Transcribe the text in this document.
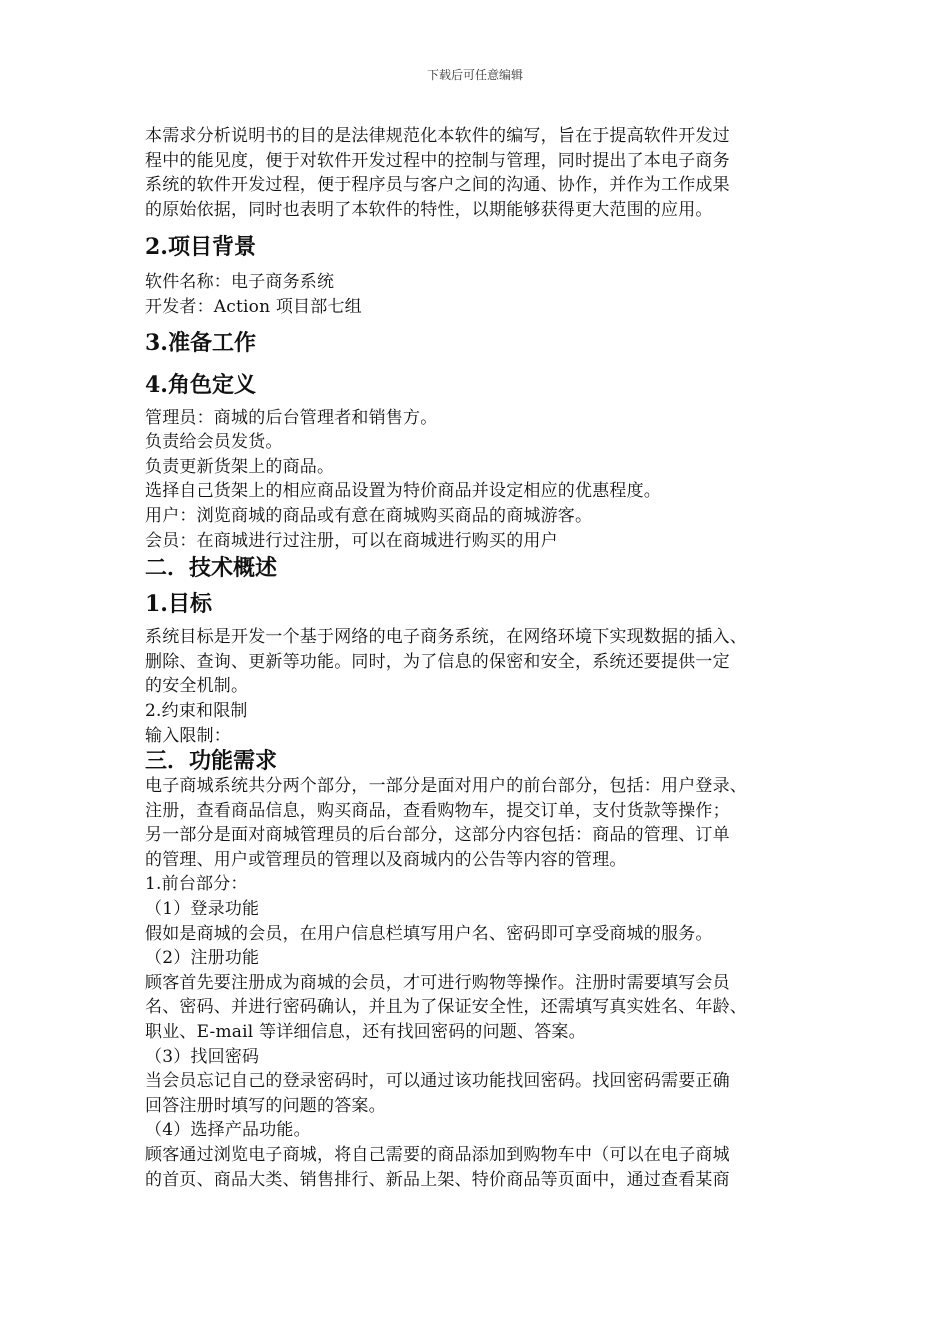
下载后可任意编辑

本需求分析说明书的目的是法律规范化本软件的编写，旨在于提高软件开发过

程中的能见度，便于对软件开发过程中的控制与管理，同时提出了本电子商务

系统的软件开发过程，便于程序员与客户之间的沟通、协作，并作为工作成果

的原始依据，同时也表明了本软件的特性，以期能够获得更大范围的应用。

2.项目背景

软件名称：电子商务系统

开发者：Action 项目部七组

3.准备工作
4.角色定义

管理员：商城的后台管理者和销售方。

负责给会员发货。

负责更新货架上的商品。

选择自己货架上的相应商品设置为特价商品并设定相应的优惠程度。

用户：浏览商城的商品或有意在商城购买商品的商城游客。

会员：在商城进行过注册，可以在商城进行购买的用户

二．技术概述
1.目标

系统目标是开发一个基于网络的电子商务系统，在网络环境下实现数据的插入、

删除、查询、更新等功能。同时，为了信息的保密和安全，系统还要提供一定

的安全机制。

2.约束和限制

输入限制：

三．功能需求

电子商城系统共分两个部分，一部分是面对用户的前台部分，包括：用户登录、

注册，查看商品信息，购买商品，查看购物车，提交订单，支付货款等操作；

另一部分是面对商城管理员的后台部分，这部分内容包括：商品的管理、订单

的管理、用户或管理员的管理以及商城内的公告等内容的管理。

1.前台部分：

（1）登录功能

假如是商城的会员，在用户信息栏填写用户名、密码即可享受商城的服务。

（2）注册功能

顾客首先要注册成为商城的会员，才可进行购物等操作。注册时需要填写会员

名、密码、并进行密码确认，并且为了保证安全性，还需填写真实姓名、年龄、

职业、E-mail 等详细信息，还有找回密码的问题、答案。

（3）找回密码

当会员忘记自己的登录密码时，可以通过该功能找回密码。找回密码需要正确

回答注册时填写的问题的答案。

（4）选择产品功能。

顾客通过浏览电子商城，将自己需要的商品添加到购物车中（可以在电子商城

的首页、商品大类、销售排行、新品上架、特价商品等页面中，通过查看某商
